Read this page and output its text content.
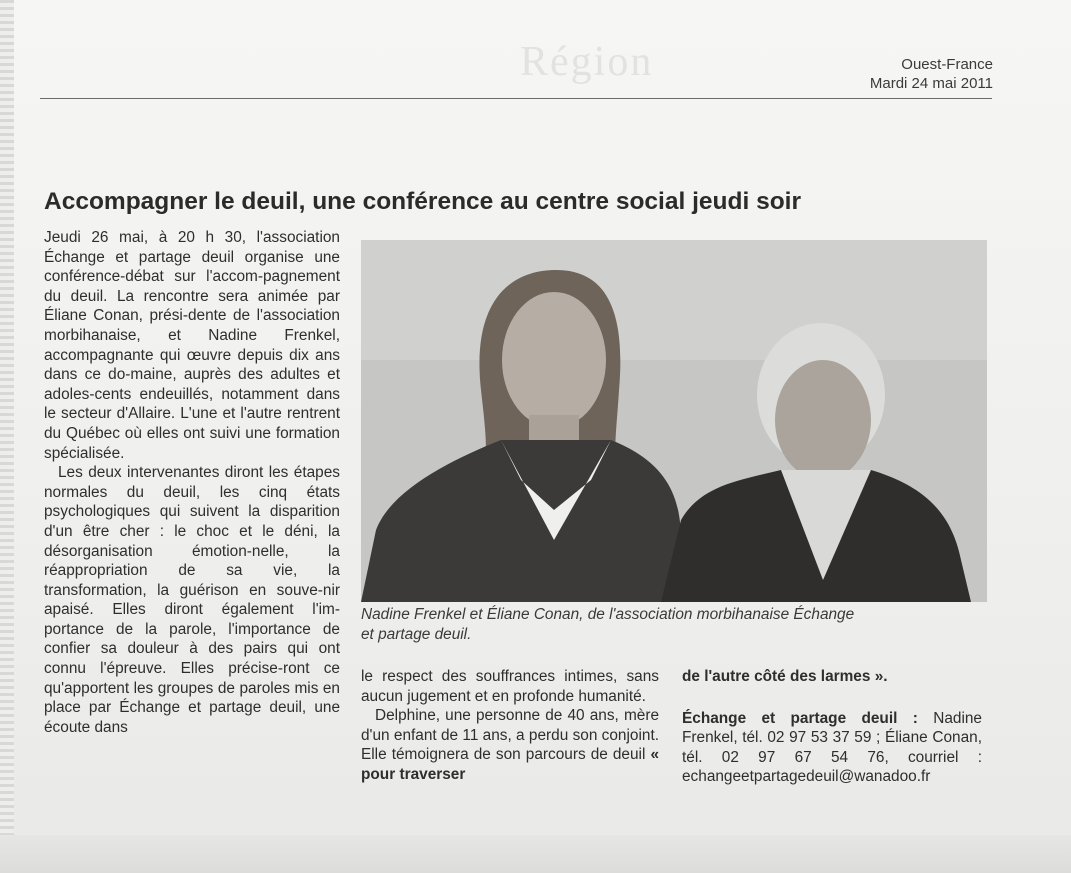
Région	Ouest-France
Mardi 24 mai 2011
Accompagner le deuil, une conférence au centre social jeudi soir

Jeudi 26 mai, à 20 h 30, l'association Échange et partage deuil organise une conférence-débat sur l'accom-pagnement du deuil. La rencontre sera animée par Éliane Conan, prési-dente de l'association morbihanaise, et Nadine Frenkel, accompagnante qui œuvre depuis dix ans dans ce do-maine, auprès des adultes et adoles-cents endeuillés, notamment dans le secteur d'Allaire. L'une et l'autre rentrent du Québec où elles ont suivi une formation spécialisée.

Les deux intervenantes diront les étapes normales du deuil, les cinq états psychologiques qui suivent la disparition d'un être cher : le choc et le déni, la désorganisation émotion-nelle, la réappropriation de sa vie, la transformation, la guérison en souve-nir apaisé. Elles diront également l'im-portance de la parole, l'importance de confier sa douleur à des pairs qui ont connu l'épreuve. Elles précise-ront ce qu'apportent les groupes de paroles mis en place par Échange et partage deuil, une écoute dans

Nadine Frenkel et Éliane Conan, de l'association morbihanaise Échange

et partage deuil.

le respect des souffrances intimes, sans aucun jugement et en profonde humanité.

Delphine, une personne de 40 ans, mère d'un enfant de 11 ans, a perdu son conjoint. Elle témoignera de son parcours de deuil « pour traverser

de l'autre côté des larmes ».

Échange et partage deuil : Nadine Frenkel, tél. 02 97 53 37 59 ; Éliane Conan, tél. 02 97 67 54 76, courriel : echangeetpartagedeuil@wanadoo.fr
